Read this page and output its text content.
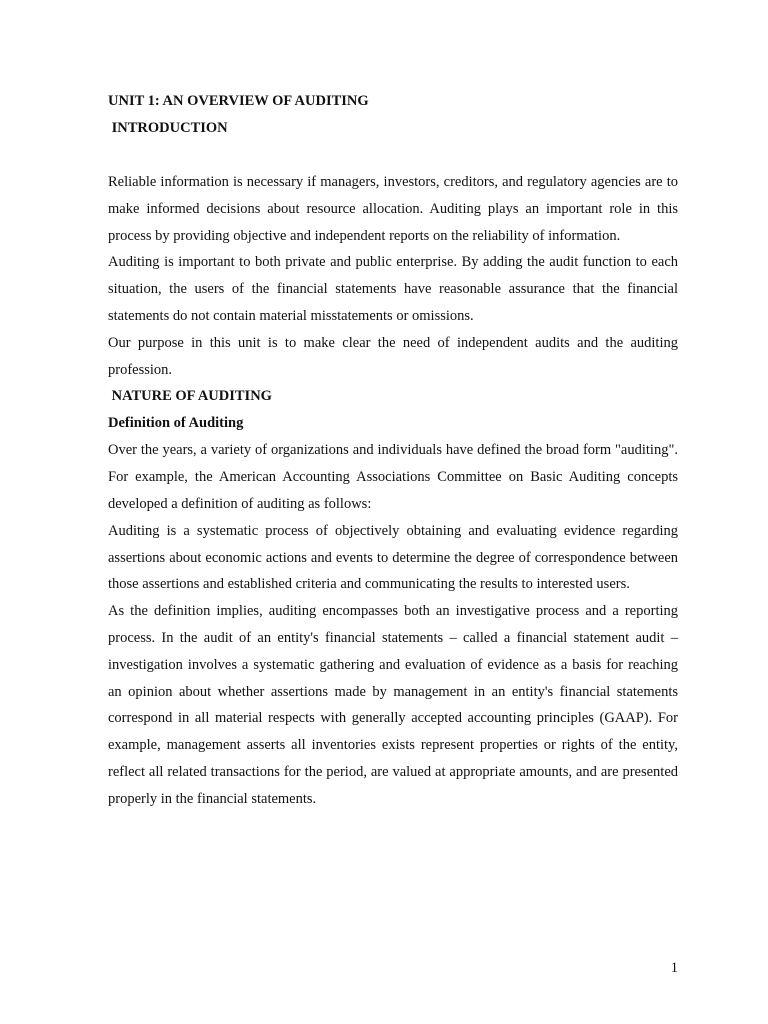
UNIT 1: AN OVERVIEW OF AUDITING

INTRODUCTION

Reliable information is necessary if managers, investors, creditors, and regulatory agencies are to make informed decisions about resource allocation. Auditing plays an important role in this process by providing objective and independent reports on the reliability of information.

Auditing is important to both private and public enterprise. By adding the audit function to each situation, the users of the financial statements have reasonable assurance that the financial statements do not contain material misstatements or omissions.

Our purpose in this unit is to make clear the need of independent audits and the auditing profession.

NATURE OF AUDITING

Definition of Auditing

Over the years, a variety of organizations and individuals have defined the broad form "auditing". For example, the American Accounting Associations Committee on Basic Auditing concepts developed a definition of auditing as follows:

Auditing is a systematic process of objectively obtaining and evaluating evidence regarding assertions about economic actions and events to determine the degree of correspondence between those assertions and established criteria and communicating the results to interested users.

As the definition implies, auditing encompasses both an investigative process and a reporting process. In the audit of an entity's financial statements – called a financial statement audit – investigation involves a systematic gathering and evaluation of evidence as a basis for reaching an opinion about whether assertions made by management in an entity's financial statements correspond in all material respects with generally accepted accounting principles (GAAP). For example, management asserts all inventories exists represent properties or rights of the entity, reflect all related transactions for the period, are valued at appropriate amounts, and are presented properly in the financial statements.

1
